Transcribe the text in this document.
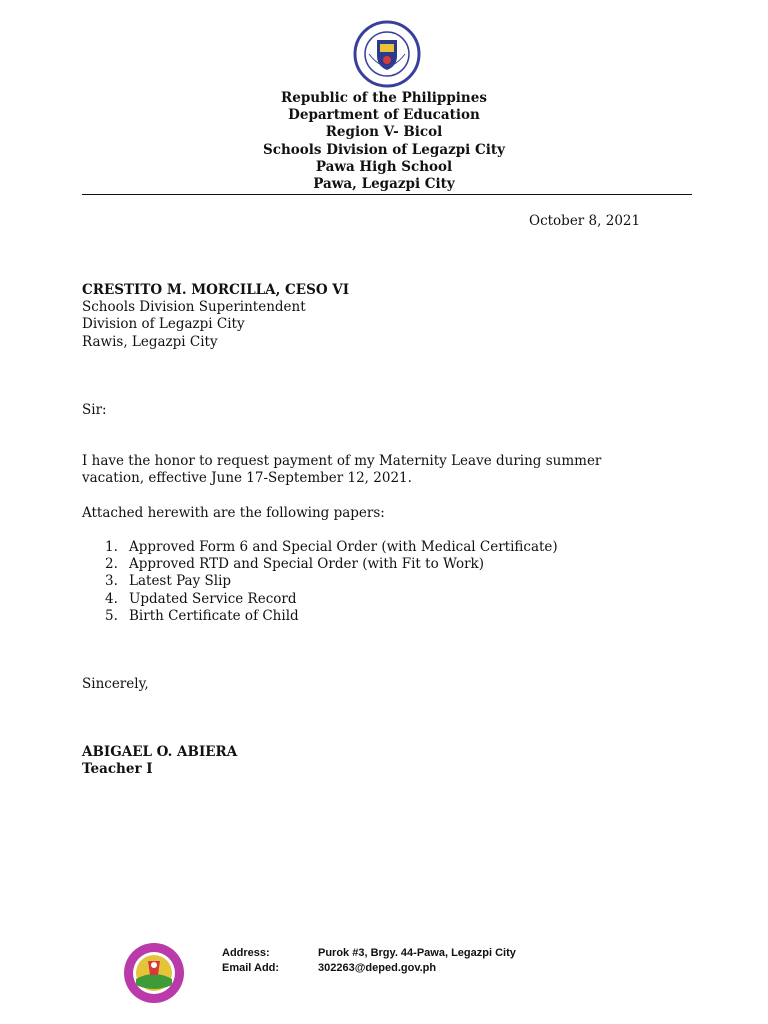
Republic of the Philippines
Department of Education
Region V- Bicol
Schools Division of Legazpi City
Pawa High School
Pawa, Legazpi City
October 8, 2021
CRESTITO M. MORCILLA, CESO VI
Schools Division Superintendent
Division of Legazpi City
Rawis, Legazpi City
Sir:
I have the honor to request payment of my Maternity Leave during summer
vacation, effective June 17-September 12, 2021.
Attached herewith are the following papers:
1. Approved Form 6 and Special Order (with Medical Certificate)
2. Approved RTD and Special Order (with Fit to Work)
3. Latest Pay Slip
4. Updated Service Record
5. Birth Certificate of Child
Sincerely,
ABIGAEL O. ABIERA
Teacher I
Address:	Purok #3, Brgy. 44-Pawa, Legazpi City
Email Add:	302263@deped.gov.ph
